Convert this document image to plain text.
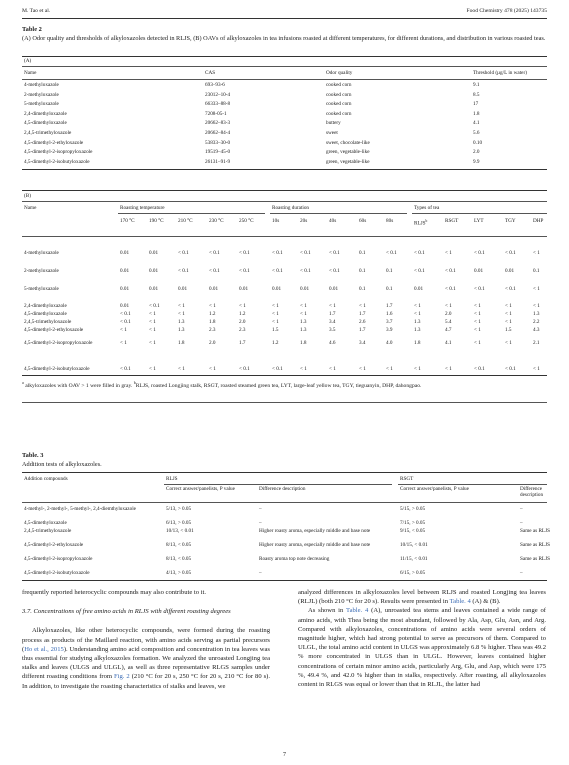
M. Tao et al.	Food Chemistry 478 (2025) 143735
Table 2
(A) Odor quality and thresholds of alkyloxazoles detected in RLJS, (B) OAVs of alkyloxazoles in tea infusions roasted at different temperatures, for different durations, and distribution in various roasted teas.
(A)
Name	CAS	Odor quality	Threshold (µg/L in water)
4-methyloxazole	693–93-6	cooked corn	9.1
2-methyloxazole	23012–10-4	cooked corn	8.5
5-methyloxazole	66333–88-8	cooked corn	17
2,4-dimethyloxazole	7208-05-1	cooked corn	1.8
4,5-dimethyloxazole	20662–83-3	buttery	4.1
2,4,5-trimethyloxazole	20662–84-4	sweet	5.6
4,5-dimethyl-2-ethyloxazole	53833–30-0	sweet, chocolate-like	0.10
4,5-dimethyl-2-isopropyloxazole	19519–45-0	green, vegetable-like	2.0
4,5-dimethyl-2-isobutyloxazole	26131–91-9	green, vegetable-like	9.9
(B)
Name	Roasting temperature	Roasting duration	Types of tea
170 °C	190 °C	210 °C	230 °C	250 °C	10s	20s	40s	60s	80s	RLJS$^b$	RSGT	LYT	TGY	DHP
4-methyloxazole	0.01	0.01	< 0.1	< 0.1	< 0.1	< 0.1	< 0.1	< 0.1	0.1	< 0.1	< 0.1	< 1	< 0.1	< 0.1	< 1
2-methyloxazole	0.01	0.01	< 0.1	< 0.1	< 0.1	< 0.1	< 0.1	< 0.1	0.1	0.1	< 0.1	< 0.1	0.01	0.01	0.1
5-methyloxazole	0.01	0.01	0.01	0.01	0.01	0.01	0.01	0.01	0.1	0.1	0.01	< 0.1	< 0.1	< 0.1	< 1
2,4-dimethyloxazole	0.01	< 0.1	< 1	< 1	< 1	< 1	< 1	< 1	< 1	1.7	< 1	< 1	< 1	< 1	< 1
4,5-dimethyloxazole	< 0.1	< 1	< 1	1.2	1.2	< 1	< 1	1.7	1.7	1.6	< 1	2.0	< 1	< 1	1.3
2,4,5-trimethyloxazole	< 0.1	< 1	1.3	1.8	2.0	< 1	1.3	3.4	2.6	3.7	1.3	5.4	< 1	< 1	2.2
4,5-dimethyl-2-ethyloxazole	< 1	< 1	1.3	2.3	2.3	1.5	1.3	3.5	1.7	3.9	1.3	4.7	< 1	1.5	4.3
4,5-dimethyl-2-isopropyloxazole	< 1	< 1	1.8	2.0	1.7	1.2	1.8	4.6	3.4	4.0	1.8	4.1	< 1	< 1	2.1
4,5-dimethyl-2-isobutyloxazole	< 0.1	< 1	< 1	< 1	< 0.1	< 0.1	< 1	< 1	< 1	< 1	< 1	< 1	< 0.1	< 0.1	< 1
$^a$ alkyloxazoles with OAV > 1 were filled in gray. $^b$RLJS, roasted Longjing stalk, RSGT, roasted steamed green tea, LYT, large-leaf yellow tea, TGY, tieguanyin, DHP, dahongpao.
Table. 3
Addition tests of alkyloxazoles.
Addition compounds	RLJS	RSGT
Correct answer/panelists, P value	Difference description	Correct answer/panelists, P value	Difference description
4-methyl-, 2-methyl-, 5-methyl-, 2,4-diemthyloxazole	5/13, > 0.05	–	5/15, > 0.05	–
4,5-dimethyloxazole	6/13, > 0.05	–	7/15, > 0.05	–
2,4,5-trimethyloxazole	10/13, < 0.01	Higher roasty aroma, especially middle and base note	9/15, < 0.05	Same as RLJS
4,5-dimethyl-2-ethyloxazole	8/13, < 0.05	Higher roasty aroma, especially middle and base note	10/15, < 0.01	Same as RLJS
4,5-dimethyl-2-isopropyloxazole	8/13, < 0.05	Roasty aroma top note decreasing	11/15, < 0.01	Same as RLJS
4,5-dimethyl-2-isobutyloxazole	4/13, > 0.05	–	6/15, > 0.05	–

frequently reported heterocyclic compounds may also contribute to it.

3.7. Concentrations of free amino acids in RLJS with different roasting degrees

Alkyloxazoles, like other heterocyclic compounds, were formed during the roasting process as products of the Maillard reaction, with amino acids serving as partial precursors (Ho et al., 2015). Understanding amino acid composition and concentration in tea leaves was thus essential for studying alkyloxazoles formation. We analyzed the unroasted Longjing tea stalks and leaves (ULGS and ULGL), as well as three representative RLGS samples under different roasting conditions from Fig. 2 (210 °C for 20 s, 250 °C for 20 s, 210 °C for 80 s). In addition, to investigate the roasting characteristics of stalks and leaves, we

analyzed differences in alkyloxazoles level between RLJS and roasted Longjing tea leaves (RLJL) (both 210 °C for 20 s). Results were presented in Table. 4 (A) & (B).

As shown in Table. 4 (A), unroasted tea stems and leaves contained a wide range of amino acids, with Thea being the most abundant, followed by Ala, Asp, Glu, Asn, and Arg. Compared with alkyloxazoles, concentrations of amino acids were several orders of magnitude higher, which had strong potential to serve as precursors of them. Compared to ULGL, the total amino acid content in ULGS was approximately 6.8 % higher. Thea was 49.2 % more concentrated in ULGS than in ULGL. However, leaves contained higher concentrations of certain minor amino acids, particularly Arg, Glu, and Asp, which were 175 %, 49.4 %, and 42.0 % higher than in stalks, respectively. After roasting, all alkyloxazoles content in RLGS was equal or lower than that in RLJL, the latter had

7
